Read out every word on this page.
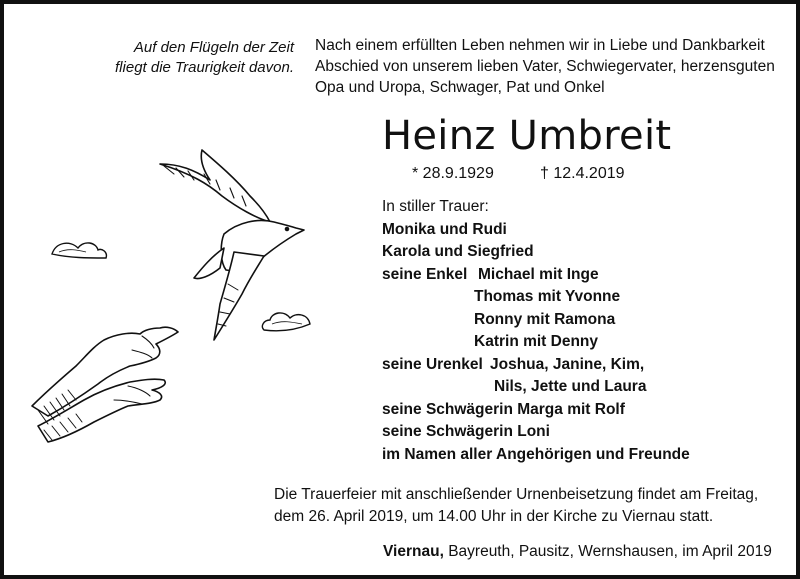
Auf den Flügeln der Zeit
fliegt die Traurigkeit davon.
Nach einem erfüllten Leben nehmen wir in Liebe und Dankbarkeit
Abschied von unserem lieben Vater, Schwiegervater, herzensguten
Opa und Uropa, Schwager, Pat und Onkel
Heinz Umbreit
* 28.9.1929	† 12.4.2019
In stiller Trauer:
Monika und Rudi
Karola und Siegfried
seine Enkel Michael mit Inge
Thomas mit Yvonne
Ronny mit Ramona
Katrin mit Denny
seine Urenkel Joshua, Janine, Kim,
Nils, Jette und Laura
seine Schwägerin Marga mit Rolf
seine Schwägerin Loni
im Namen aller Angehörigen und Freunde
Die Trauerfeier mit anschließender Urnenbeisetzung findet am Freitag,
dem 26. April 2019, um 14.00 Uhr in der Kirche zu Viernau statt.
Viernau, Bayreuth, Pausitz, Wernshausen, im April 2019
